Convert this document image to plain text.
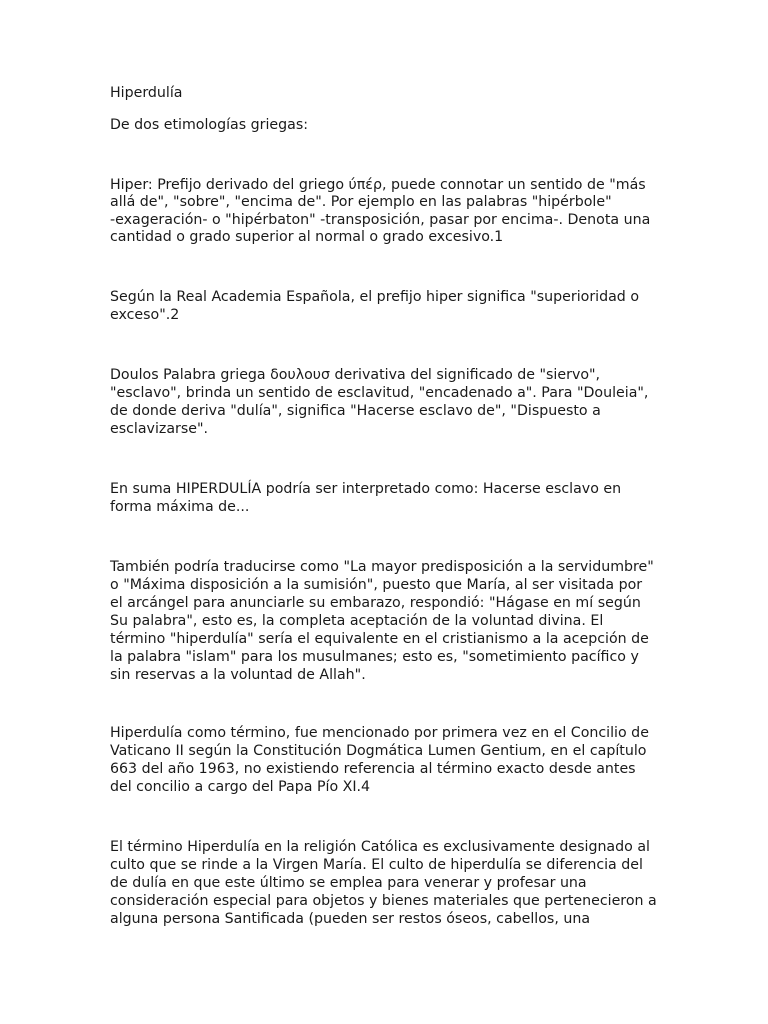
Hiperdulía

De dos etimologías griegas:

Hiper: Prefijo derivado del griego ύπέρ, puede connotar un sentido de "más

allá de", "sobre", "encima de". Por ejemplo en las palabras "hipérbole"

-exageración- o "hipérbaton" -transposición, pasar por encima-. Denota una

cantidad o grado superior al normal o grado excesivo.1

Según la Real Academia Española, el prefijo hiper significa "superioridad o

exceso".2

Doulos Palabra griega δουλουσ derivativa del significado de "siervo",

"esclavo", brinda un sentido de esclavitud, "encadenado a". Para "Douleia",

de donde deriva "dulía", significa "Hacerse esclavo de", "Dispuesto a

esclavizarse".

En suma HIPERDULÍA podría ser interpretado como: Hacerse esclavo en

forma máxima de...

También podría traducirse como "La mayor predisposición a la servidumbre"

o "Máxima disposición a la sumisión", puesto que María, al ser visitada por

el arcángel para anunciarle su embarazo, respondió: "Hágase en mí según

Su palabra", esto es, la completa aceptación de la voluntad divina. El

término "hiperdulía" sería el equivalente en el cristianismo a la acepción de

la palabra "islam" para los musulmanes; esto es, "sometimiento pacífico y

sin reservas a la voluntad de Allah".

Hiperdulía como término, fue mencionado por primera vez en el Concilio de

Vaticano II según la Constitución Dogmática Lumen Gentium, en el capítulo

663 del año 1963, no existiendo referencia al término exacto desde antes

del concilio a cargo del Papa Pío XI.4

El término Hiperdulía en la religión Católica es exclusivamente designado al

culto que se rinde a la Virgen María. El culto de hiperdulía se diferencia del

de dulía en que este último se emplea para venerar y profesar una

consideración especial para objetos y bienes materiales que pertenecieron a

alguna persona Santificada (pueden ser restos óseos, cabellos, una
